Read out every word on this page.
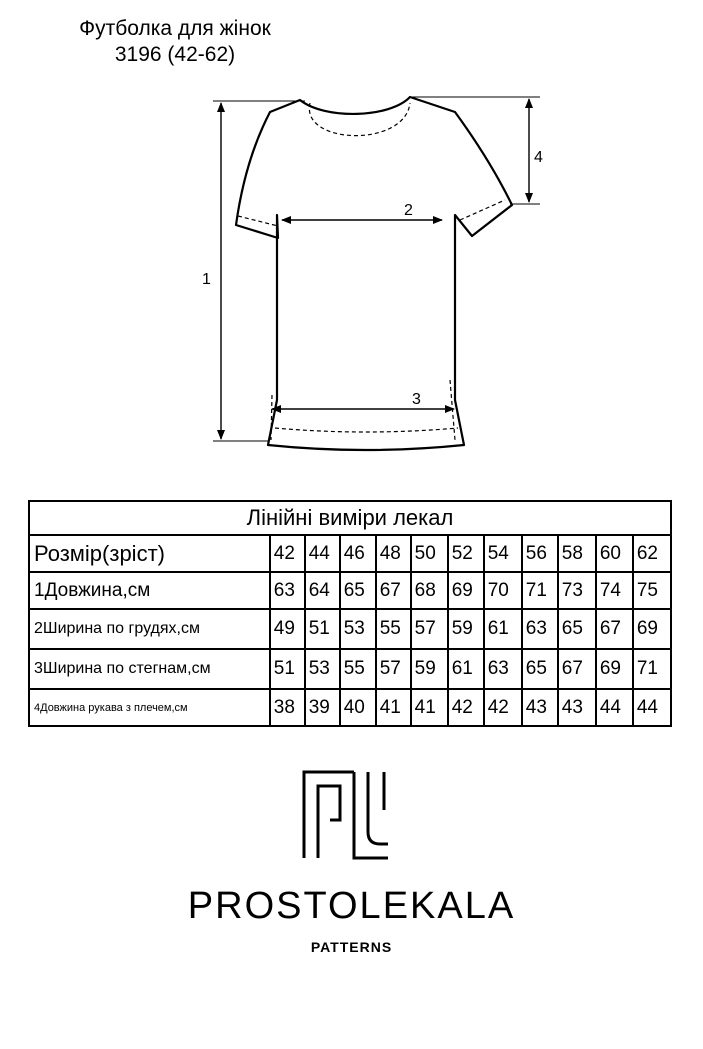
Футболка для жінок
3196 (42-62)
1
2
3
4
Лінійні виміри лекал											
Розмір(зріст)	42	44	46	48	50	52	54	56	58	60	62
1Довжина,см	63	64	65	67	68	69	70	71	73	74	75
2Ширина по грудях,см	49	51	53	55	57	59	61	63	65	67	69
3Ширина по стегнам,см	51	53	55	57	59	61	63	65	67	69	71
4Довжина рукава з плечем,см	38	39	40	41	41	42	42	43	43	44	44
PROSTOLEKALA
PATTERNS
